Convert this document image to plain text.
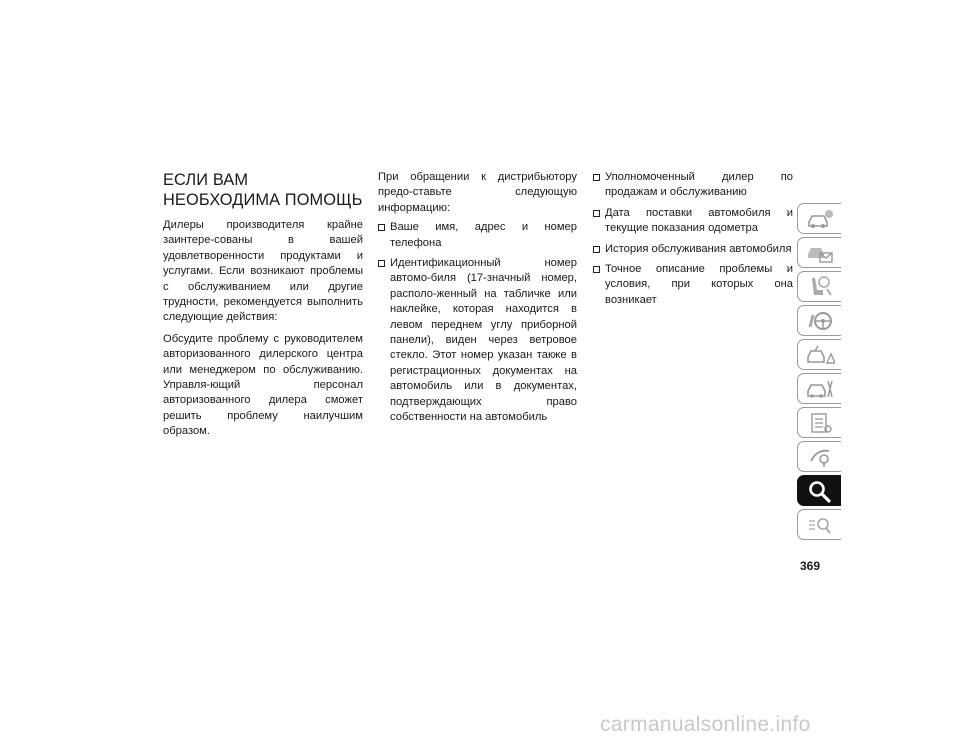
ЕСЛИ ВАМ НЕОБХОДИМА ПОМОЩЬ

Дилеры производителя крайне заинтере-сованы в вашей удовлетворенности продуктами и услугами. Если возникают проблемы с обслуживанием или другие трудности, рекомендуется выполнить следующие действия:

Обсудите проблему с руководителем авторизованного дилерского центра или менеджером по обслуживанию. Управля-ющий персонал авторизованного дилера сможет решить проблему наилучшим образом.

При обращении к дистрибьютору предо-ставьте следующую информацию:

Ваше имя, адрес и номер телефона
Идентификационный номер автомо-биля (17-значный номер, располо-женный на табличке или наклейке, которая находится в левом переднем углу приборной панели), виден через ветровое стекло. Этот номер указан также в регистрационных документах на автомобиль или в документах, подтверждающих право собственности на автомобиль
Уполномоченный дилер по продажам и обслуживанию
Дата поставки автомобиля и текущие показания одометра
История обслуживания автомобиля
Точное описание проблемы и условия, при которых она возникает
369
carmanualsonline.info
